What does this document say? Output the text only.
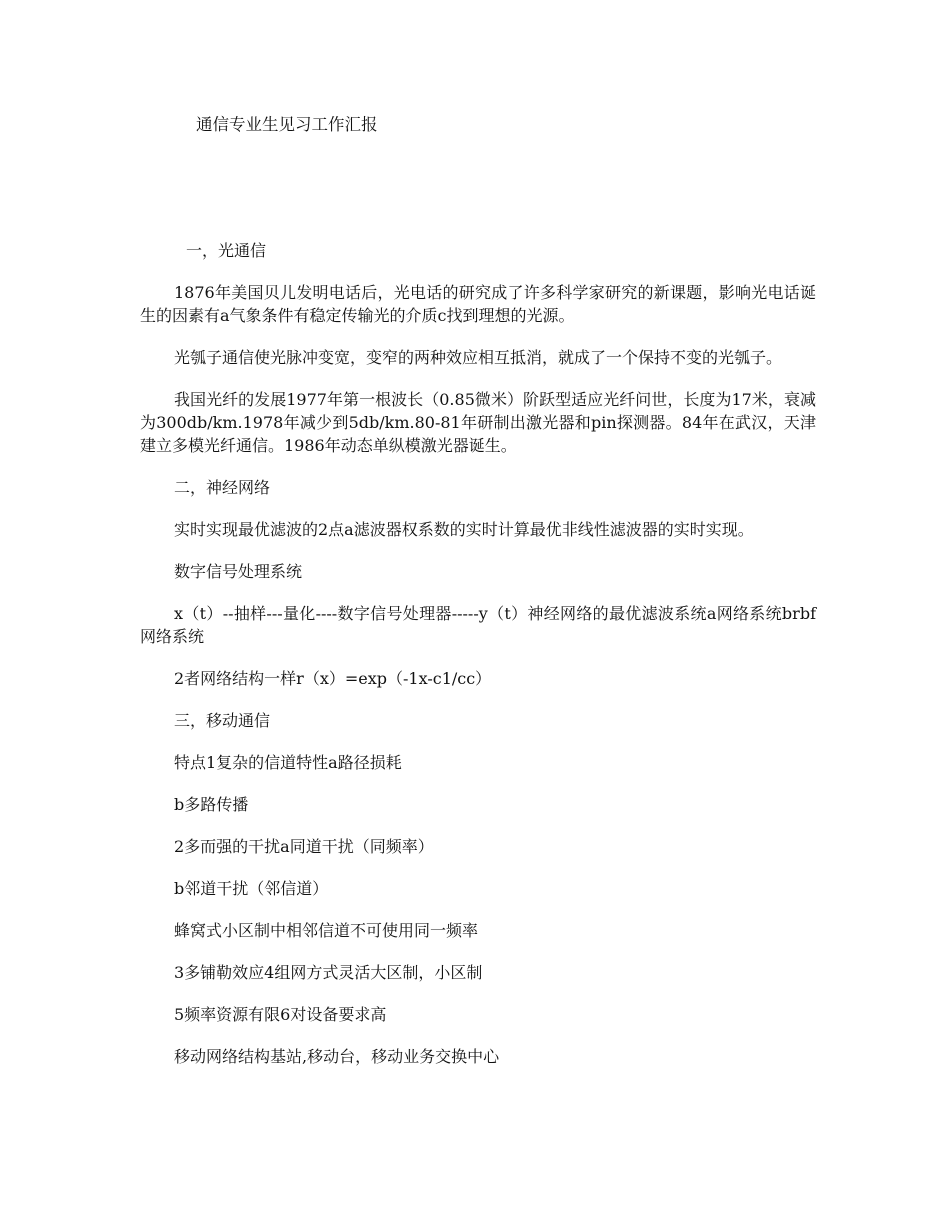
通信专业生见习工作汇报

一，光通信

1876年美国贝儿发明电话后，光电话的研究成了许多科学家研究的新课题，影响光电话诞生的因素有a气象条件有稳定传输光的介质c找到理想的光源。

光瓠子通信使光脉冲变宽，变窄的两种效应相互抵消，就成了一个保持不变的光瓠子。

我国光纤的发展1977年第一根波长（0.85微米）阶跃型适应光纤问世，长度为17米，衰减为300db/km.1978年减少到5db/km.80-81年研制出激光器和pin探测器。84年在武汉，天津建立多模光纤通信。1986年动态单纵模激光器诞生。

二，神经网络

实时实现最优滤波的2点a滤波器权系数的实时计算最优非线性滤波器的实时实现。

数字信号处理系统

x（t）--抽样---量化----数字信号处理器-----y（t）神经网络的最优滤波系统a网络系统brbf网络系统

2者网络结构一样r（x）=exp（-1x-c1/cc）

三，移动通信

特点1复杂的信道特性a路径损耗

b多路传播

2多而强的干扰a同道干扰（同频率）

b邻道干扰（邻信道）

蜂窝式小区制中相邻信道不可使用同一频率

3多铺勒效应4组网方式灵活大区制，小区制

5频率资源有限6对设备要求高

移动网络结构基站,移动台，移动业务交换中心
